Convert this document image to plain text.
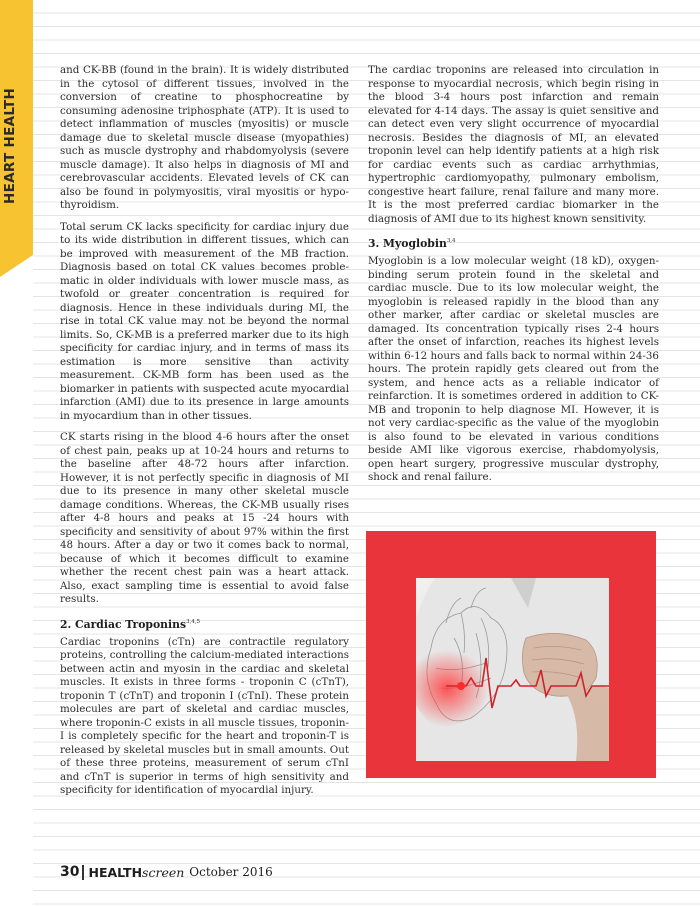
HEART HEALTH

and CK-BB (found in the brain). It is widely distributed in the cytosol of different tissues, involved in the conversion of creatine to phosphocreatine by consuming adenosine triphosphate (ATP). It is used to detect inflammation of muscles (myositis) or muscle damage due to skeletal muscle disease (myopathies) such as muscle dystrophy and rhabdomyolysis (severe muscle damage). It also helps in diagnosis of MI and cerebrovascular accidents. Elevated levels of CK can also be found in polymyositis, viral myositis or hypo-thyroidism.

Total serum CK lacks specificity for cardiac injury due to its wide distribution in different tissues, which can be improved with measurement of the MB fraction. Diagnosis based on total CK values becomes proble-matic in older individuals with lower muscle mass, as twofold or greater concentration is required for diagnosis. Hence in these individuals during MI, the rise in total CK value may not be beyond the normal limits. So, CK-MB is a preferred marker due to its high specificity for cardiac injury, and in terms of mass its estimation is more sensitive than activity measurement. CK-MB form has been used as the biomarker in patients with suspected acute myocardial infarction (AMI) due to its presence in large amounts in myocardium than in other tissues.

CK starts rising in the blood 4-6 hours after the onset of chest pain, peaks up at 10-24 hours and returns to the baseline after 48-72 hours after infarction. However, it is not perfectly specific in diagnosis of MI due to its presence in many other skeletal muscle damage conditions. Whereas, the CK-MB usually rises after 4-8 hours and peaks at 15 -24 hours with specificity and sensitivity of about 97% within the first 48 hours. After a day or two it comes back to normal, because of which it becomes difficult to examine whether the recent chest pain was a heart attack. Also, exact sampling time is essential to avoid false results.

2. Cardiac Troponins$^{3,4,5}$

Cardiac troponins (cTn) are contractile regulatory proteins, controlling the calcium-mediated interactions between actin and myosin in the cardiac and skeletal muscles. It exists in three forms - troponin C (cTnT), troponin T (cTnT) and troponin I (cTnI). These protein molecules are part of skeletal and cardiac muscles, where troponin-C exists in all muscle tissues, troponin-I is completely specific for the heart and troponin-T is released by skeletal muscles but in small amounts. Out of these three proteins, measurement of serum cTnI and cTnT is superior in terms of high sensitivity and specificity for identification of myocardial injury.

The cardiac troponins are released into circulation in response to myocardial necrosis, which begin rising in the blood 3-4 hours post infarction and remain elevated for 4-14 days. The assay is quiet sensitive and can detect even very slight occurrence of myocardial necrosis. Besides the diagnosis of MI, an elevated troponin level can help identify patients at a high risk for cardiac events such as cardiac arrhythmias, hypertrophic cardiomyopathy, pulmonary embolism, congestive heart failure, renal failure and many more. It is the most preferred cardiac biomarker in the diagnosis of AMI due to its highest known sensitivity.

3. Myoglobin$^{3,4}$

Myoglobin is a low molecular weight (18 kD), oxygen-binding serum protein found in the skeletal and cardiac muscle. Due to its low molecular weight, the myoglobin is released rapidly in the blood than any other marker, after cardiac or skeletal muscles are damaged. Its concentration typically rises 2-4 hours after the onset of infarction, reaches its highest levels within 6-12 hours and falls back to normal within 24-36 hours. The protein rapidly gets cleared out from the system, and hence acts as a reliable indicator of reinfarction. It is sometimes ordered in addition to CK-MB and troponin to help diagnose MI. However, it is not very cardiac-specific as the value of the myoglobin is also found to be elevated in various conditions beside AMI like vigorous exercise, rhabdomyolysis, open heart surgery, progressive muscular dystrophy, shock and renal failure.

30 HEALTH screen October 2016
